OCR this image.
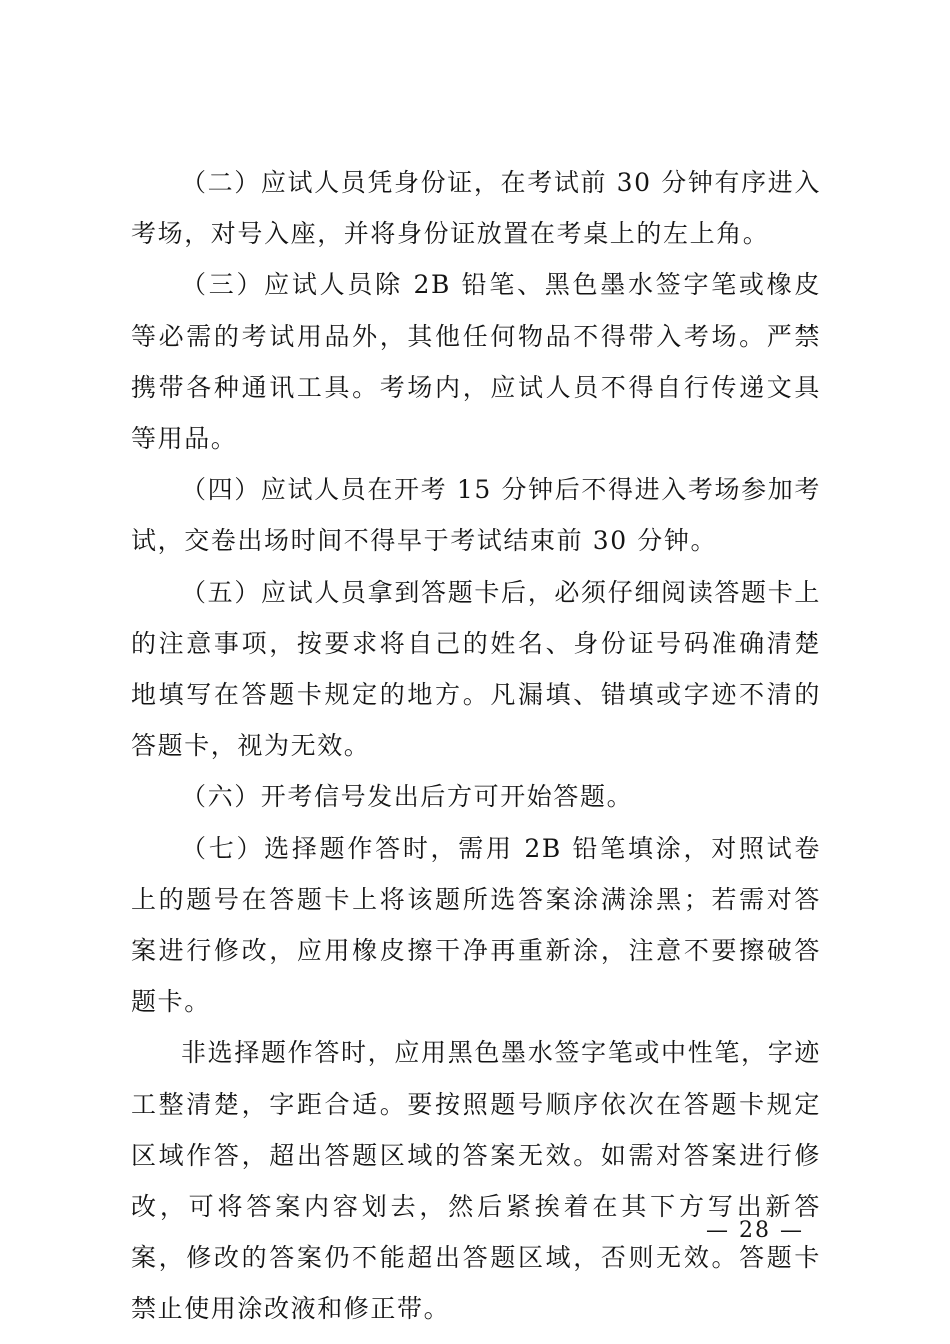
（二）应试人员凭身份证，在考试前 30 分钟有序进入考场，对号入座，并将身份证放置在考桌上的左上角。

（三）应试人员除 2B 铅笔、黑色墨水签字笔或橡皮等必需的考试用品外，其他任何物品不得带入考场。严禁携带各种通讯工具。考场内，应试人员不得自行传递文具等用品。

（四）应试人员在开考 15 分钟后不得进入考场参加考试，交卷出场时间不得早于考试结束前 30 分钟。

（五）应试人员拿到答题卡后，必须仔细阅读答题卡上的注意事项，按要求将自己的姓名、身份证号码准确清楚地填写在答题卡规定的地方。凡漏填、错填或字迹不清的答题卡，视为无效。

（六）开考信号发出后方可开始答题。

（七）选择题作答时，需用 2B 铅笔填涂，对照试卷上的题号在答题卡上将该题所选答案涂满涂黑；若需对答案进行修改，应用橡皮擦干净再重新涂，注意不要擦破答题卡。

非选择题作答时，应用黑色墨水签字笔或中性笔，字迹工整清楚，字距合适。要按照题号顺序依次在答题卡规定区域作答，超出答题区域的答案无效。如需对答案进行修改，可将答案内容划去，然后紧挨着在其下方写出新答案，修改的答案仍不能超出答题区域，否则无效。答题卡禁止使用涂改液和修正带。

— 28 —
